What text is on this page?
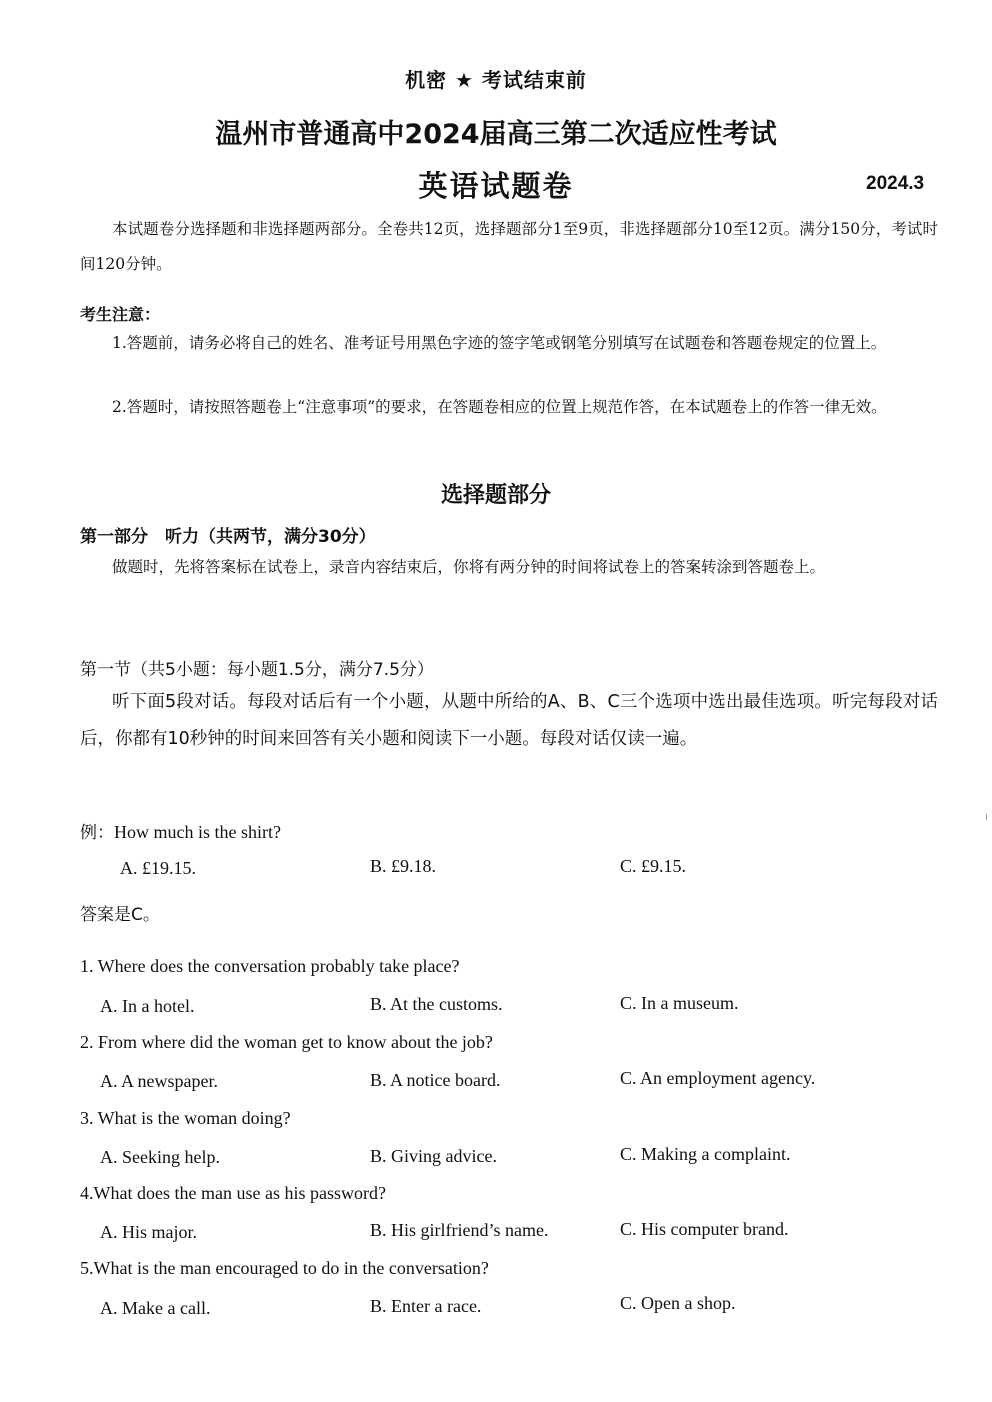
机密 ★ 考试结束前
温州市普通高中2024届高三第二次适应性考试
英语试题卷	2024.3
本试题卷分选择题和非选择题两部分。全卷共12页，选择题部分1至9页，非选择题部分10至12页。满分150分，考试时间120分钟。
考生注意：
1.答题前，请务必将自己的姓名、准考证号用黑色字迹的签字笔或钢笔分别填写在试题卷和答题卷规定的位置上。
2.答题时，请按照答题卷上“注意事项”的要求，在答题卷相应的位置上规范作答，在本试题卷上的作答一律无效。
选择题部分
第一部分　听力（共两节，满分30分）
做题时，先将答案标在试卷上，录音内容结束后，你将有两分钟的时间将试卷上的答案转涂到答题卷上。
第一节（共5小题：每小题1.5分，满分7.5分）
听下面5段对话。每段对话后有一个小题，从题中所给的A、B、C三个选项中选出最佳选项。听完每段对话后，你都有10秒钟的时间来回答有关小题和阅读下一小题。每段对话仅读一遍。
例：How much is the shirt?
A. £19.15.	B. £9.18.	C. £9.15.
答案是C。
1. Where does the conversation probably take place?
A. In a hotel.	B. At the customs.	C. In a museum.
2. From where did the woman get to know about the job?
A. A newspaper.	B. A notice board.	C. An employment agency.
3. What is the woman doing?
A. Seeking help.	B. Giving advice.	C. Making a complaint.
4.What does the man use as his password?
A. His major.	B. His girlfriend’s name.	C. His computer brand.
5.What is the man encouraged to do in the conversation?
A. Make a call.	B. Enter a race.	C. Open a shop.
